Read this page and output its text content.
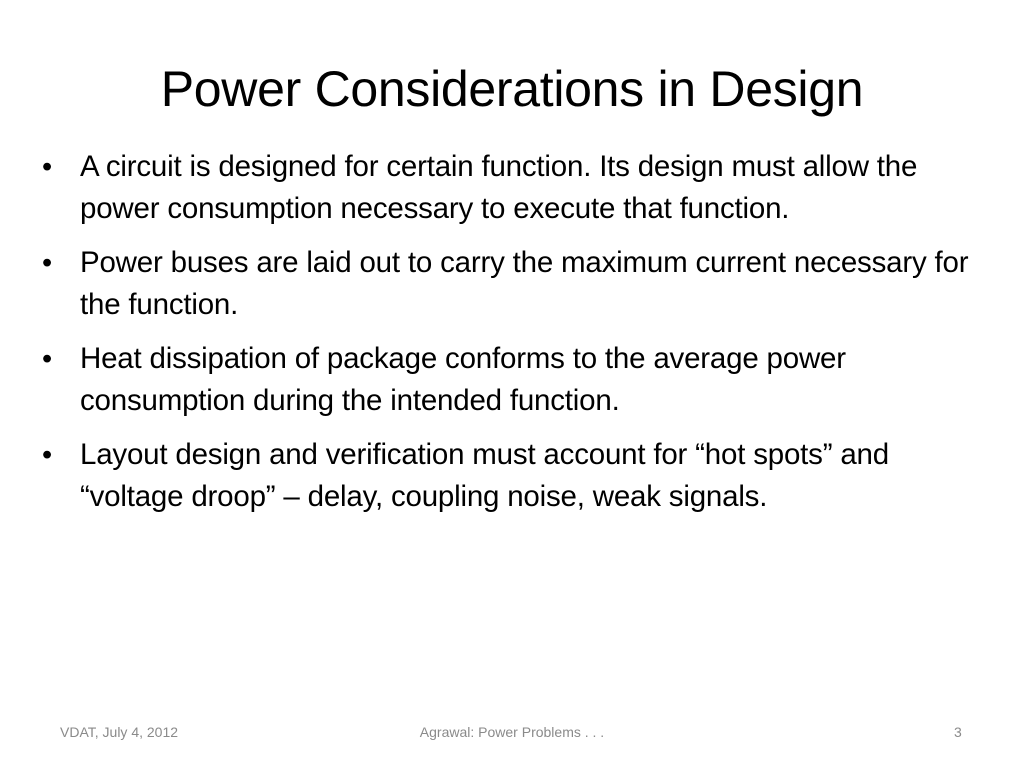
Power Considerations in Design
• A circuit is designed for certain function. Its design must allow the power consumption necessary to execute that function.
• Power buses are laid out to carry the maximum current necessary for the function.
• Heat dissipation of package conforms to the average power consumption during the intended function.
• Layout design and verification must account for “hot spots” and “voltage droop” – delay, coupling noise, weak signals.
VDAT, July 4, 2012	Agrawal: Power Problems . . .	3
